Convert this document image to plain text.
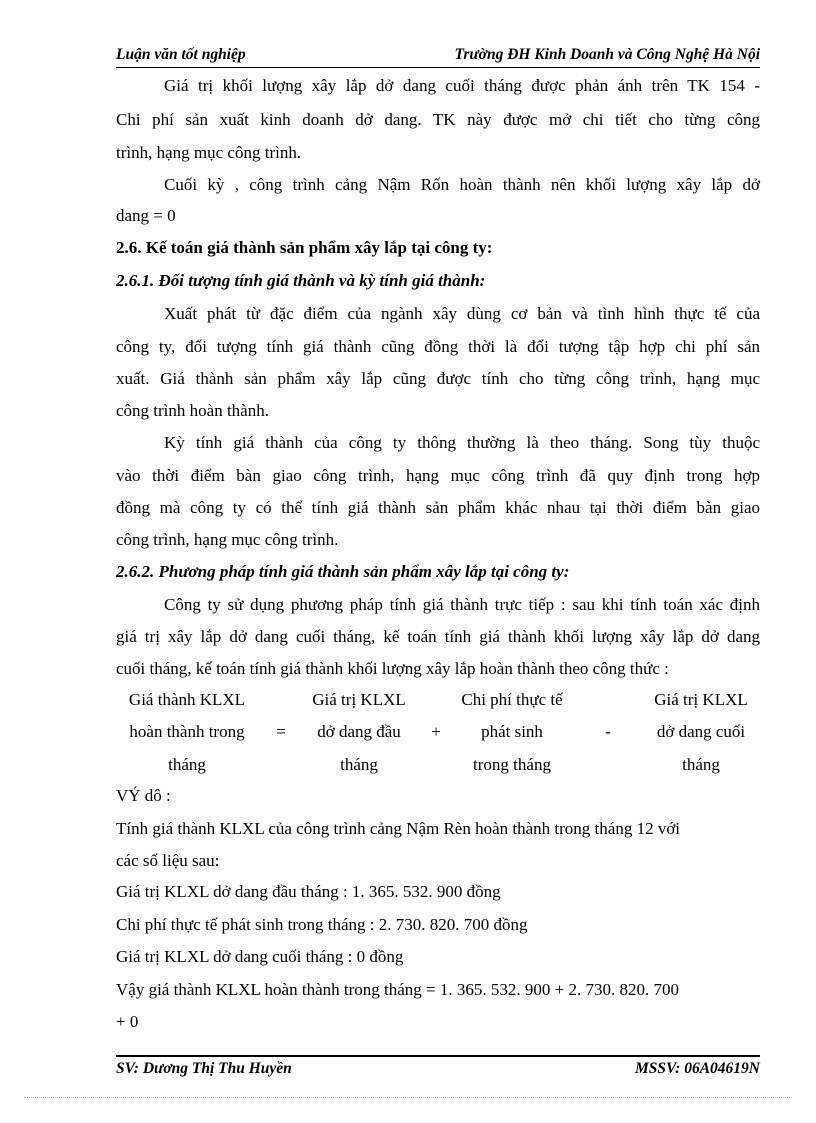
Luận văn tốt nghiệp	Trường ĐH Kinh Doanh và Công Nghệ Hà Nội
Giá trị khối lượng xây lắp dở dang cuối tháng được phản ánh trên TK 154 -
Chi phí sản xuất kinh doanh dở dang. TK này được mở chi tiết cho từng công
trình, hạng mục công trình.
Cuối kỳ , công trình cảng Nậm Rốn hoàn thành nên khối lượng xây lắp dở
dang = 0
2.6. Kế toán giá thành sản phẩm xây lắp tại công ty:
2.6.1. Đối tượng tính giá thành và kỳ tính giá thành:
Xuất phát từ đặc điểm của ngành xây dùng cơ bản và tình hình thực tế của
công ty, đối tượng tính giá thành cũng đồng thời là đối tượng tập hợp chi phí sản
xuất. Giá thành sản phẩm xây lắp cũng được tính cho từng công trình, hạng mục
công trình hoàn thành.
Kỳ tính giá thành của công ty thông thường là theo tháng. Song tùy thuộc
vào thời điểm bàn giao công trình, hạng mục công trình đã quy định trong hợp
đồng mà công ty có thể tính giá thành sản phẩm khác nhau tại thời điểm bàn giao
công trình, hạng mục công trình.
2.6.2. Phương pháp tính giá thành sản phẩm xây lắp tại công ty:
Công ty sử dụng phương pháp tính giá thành trực tiếp : sau khi tính toán xác định
giá trị xây lắp dở dang cuối tháng, kế toán tính giá thành khối lượng xây lắp dở dang
cuối tháng, kế toán tính giá thành khối lượng xây lắp hoàn thành theo công thức :
Giá thành KLXL
hoàn thành trong
tháng
=
Giá trị KLXL
dở dang đầu
tháng
+
Chi phí thực tế
phát sinh
trong tháng
-
Giá trị KLXL
dở dang cuối
tháng
VÝ dô :
Tính giá thành KLXL của công trình cảng Nậm Rèn hoàn thành trong tháng 12 với
các số liệu sau:
Giá trị KLXL dở dang đầu tháng : 1. 365. 532. 900 đồng
Chi phí thực tế phát sinh trong tháng : 2. 730. 820. 700 đồng
Giá trị KLXL dở dang cuối tháng : 0 đồng
Vậy giá thành KLXL hoàn thành trong tháng = 1. 365. 532. 900 + 2. 730. 820. 700
+ 0
SV: Dương Thị Thu Huyền	MSSV: 06A04619N
